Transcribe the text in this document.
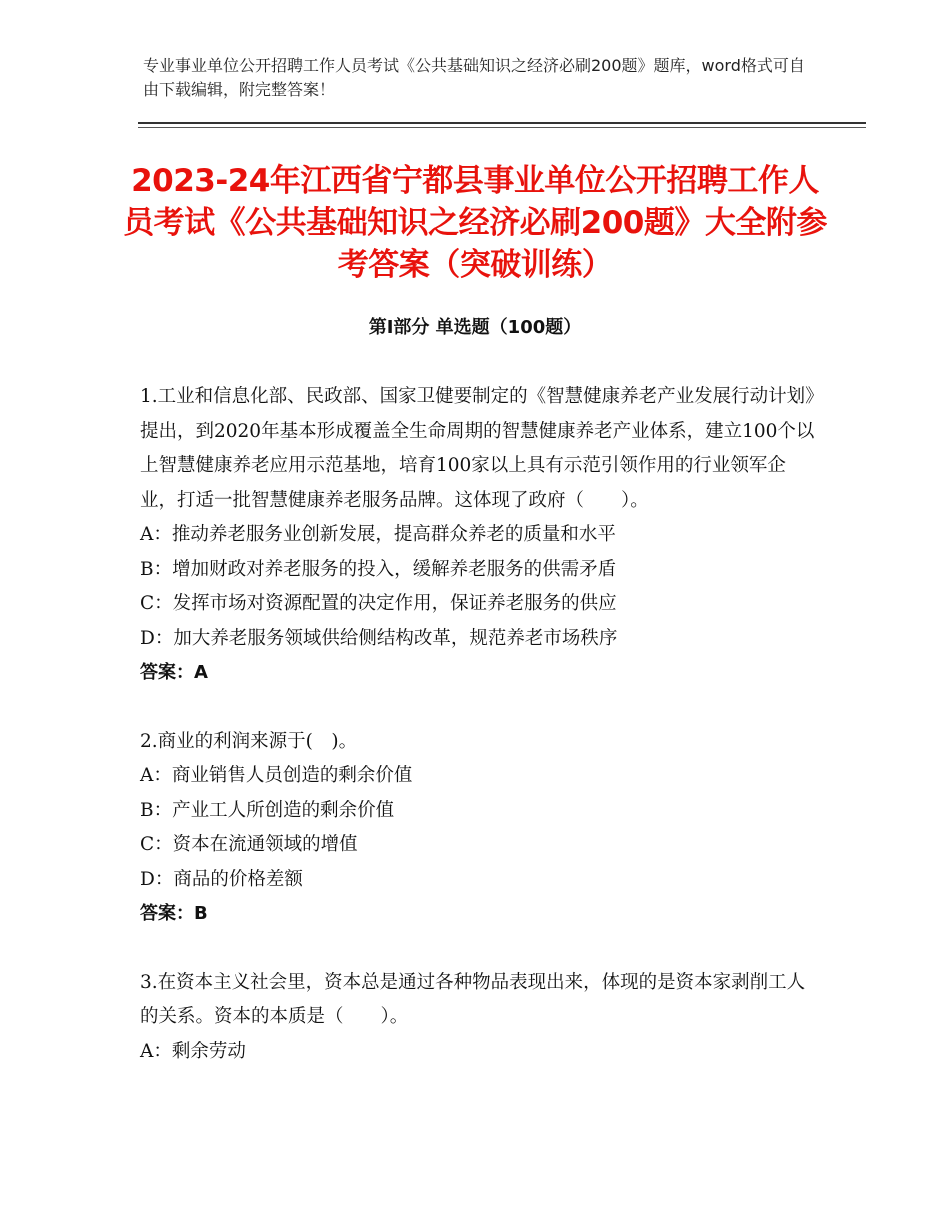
专业事业单位公开招聘工作人员考试《公共基础知识之经济必刷200题》题库，word格式可自由下载编辑，附完整答案！
2023-24年江西省宁都县事业单位公开招聘工作人员考试《公共基础知识之经济必刷200题》大全附参考答案（突破训练）
第Ⅰ部分 单选题（100题）

1.工业和信息化部、民政部、国家卫健要制定的《智慧健康养老产业发展行动计划》提出，到2020年基本形成覆盖全生命周期的智慧健康养老产业体系，建立100个以上智慧健康养老应用示范基地，培育100家以上具有示范引领作用的行业领军企业，打适一批智慧健康养老服务品牌。这体现了政府（　　）。

A：推动养老服务业创新发展，提高群众养老的质量和水平

B：增加财政对养老服务的投入，缓解养老服务的供需矛盾

C：发挥市场对资源配置的决定作用，保证养老服务的供应

D：加大养老服务领域供给侧结构改革，规范养老市场秩序

答案：A

2.商业的利润来源于(　)。

A：商业销售人员创造的剩余价值

B：产业工人所创造的剩余价值

C：资本在流通领域的增值

D：商品的价格差额

答案：B

3.在资本主义社会里，资本总是通过各种物品表现出来，体现的是资本家剥削工人的关系。资本的本质是（　　）。

A：剩余劳动
